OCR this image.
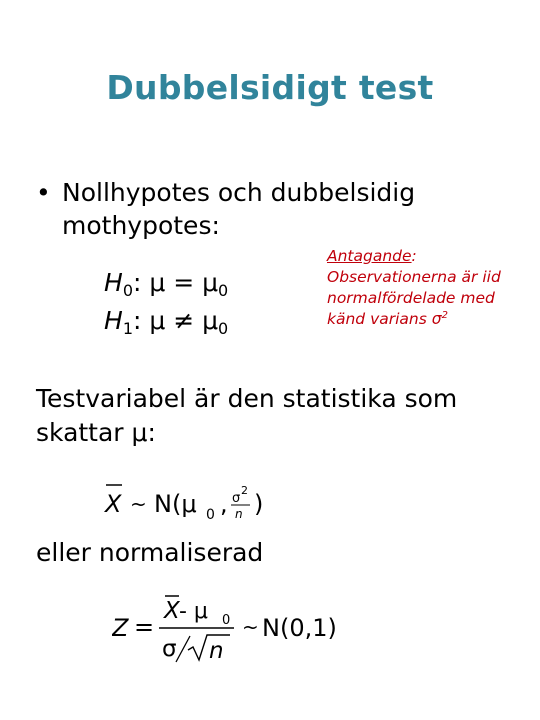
Dubbelsidigt test
• Nollhypotes och dubbelsidig mothypotes:
$H_0$: $\mu = \mu_0$
$H_1$: $\mu \ne \mu_0$
Antagande:
Observationerna är iid normalfördelade med känd varians $\sigma^2$
Testvariabel är den statistika som skattar μ:
X ~ N(μ 0 , σ
2
n )
eller normaliserad
Z =
X - μ 0
σ n
~ N(0,1)
